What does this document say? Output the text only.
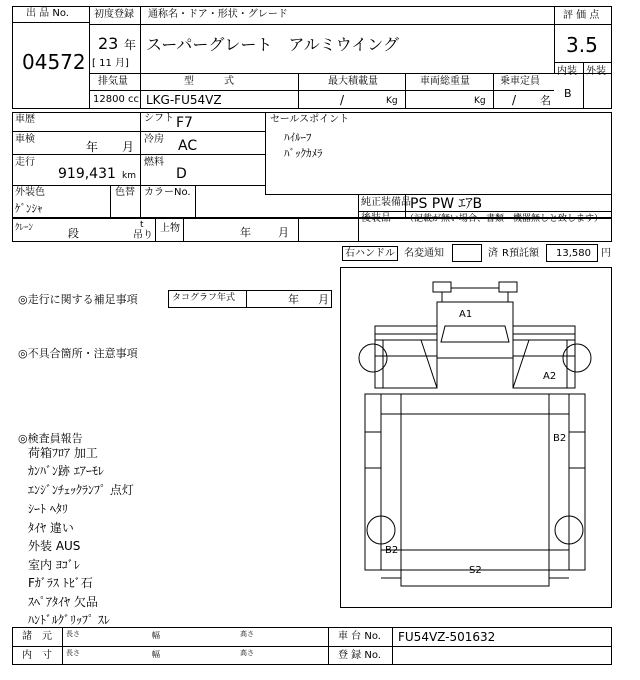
出 品 No.
04572
初度登録 通称名・ドア・形状・グレード
23 年
[ 11 月]
スーパーグレート　アルミウイング
評 価 点
3.5
内装 外装
B
排気量
12800 cc
型　　　式
LKG-FU54VZ
最大積載量
/	Kg
車両総重量
Kg
乗車定員
/ 名
車歴	シフト F7
車検
年 月
冷房 AC
走行
919,431 km
燃料
D
外装色
ｹﾞﾝｼｬ
色替 カラーNo.
セールスポイント
ﾊｲﾙｰﾌ
ﾊﾞｯｸｶﾒﾗ
純正装備品 PS PW ｴｱB
後装品 （記載が無い場合、書類・機器無しと致します）
ｸﾚｰﾝ	段
t
吊り
上物	年 月
右ハンドル 名変通知	済 R預託額 13,580 円
◎走行に関する補足事項	タコグラフ年式	年 月
◎不具合箇所・注意事項
◎検査員報告
荷箱ﾌﾛｱ 加工
ｶﾝﾊﾞﾝ跡 ｴｱｰﾓﾚ
ｴﾝｼﾞﾝﾁｪｯｸﾗﾝﾌﾟ 点灯
ｼｰﾄ ﾍﾀﾘ
ﾀｲﾔ 違い
外装 AUS
室内 ﾖｺﾞﾚ
Fｶﾞﾗｽ ﾄﾋﾞ石
ｽﾍﾟｱﾀｲﾔ 欠品
ﾊﾝﾄﾞﾙｸﾞﾘｯﾌﾟ ｽﾚ
A1
A2
B2
B2
S2
諸　元
内　寸
長さ	幅	高さ
長さ	幅	高さ
車 台 No. FU54VZ-501632
登 録 No.
